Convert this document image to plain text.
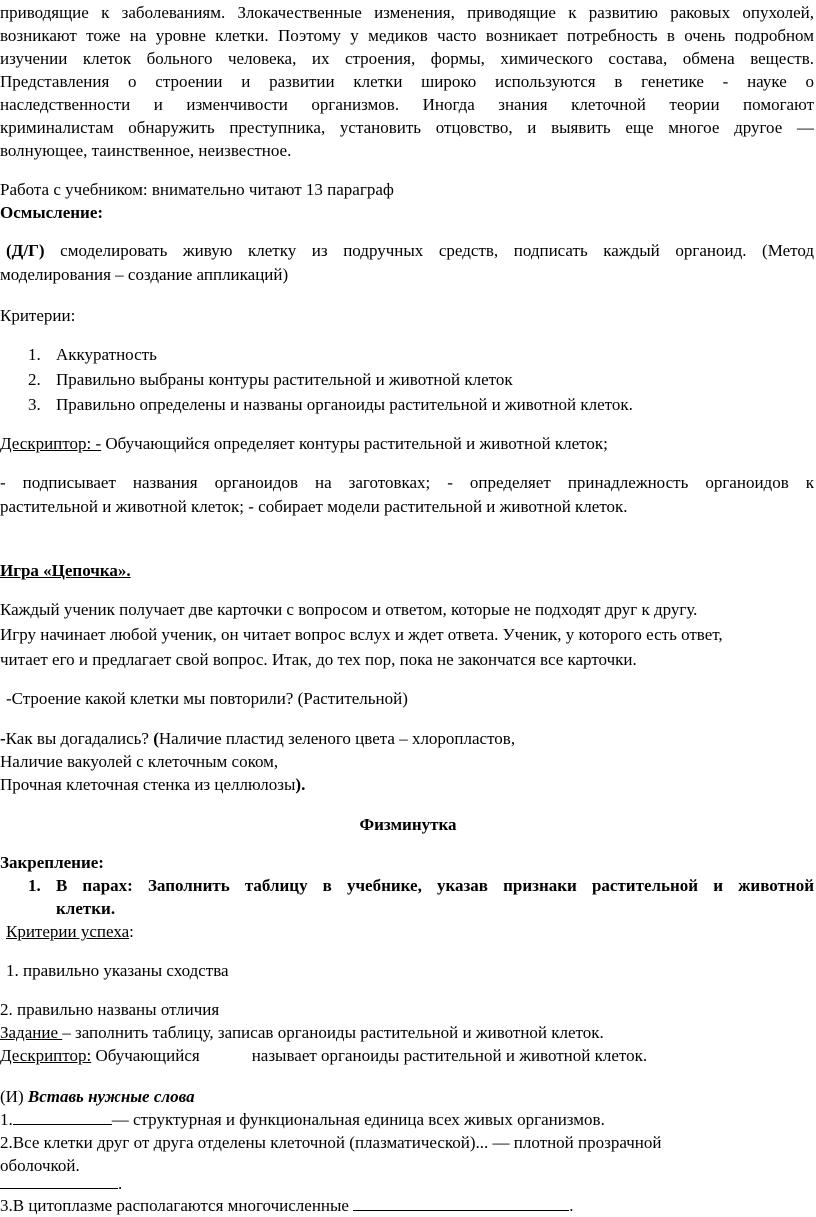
приводящие к заболеваниям. Злокачественные изменения, приводящие к развитию раковых опухолей,

возникают тоже на уровне клетки. Поэтому у медиков часто возникает потребность в очень подробном

изучении клеток больного человека, их строения, формы, химического состава, обмена веществ.

Представления о строении и развитии клетки широко используются в генетике - науке о

наследственности и изменчивости организмов. Иногда знания клеточной теории помогают

криминалистам обнаружить преступника, установить отцовство, и выявить еще многое другое —

волнующее, таинственное, неизвестное.

Работа с учебником: внимательно читают 13 параграф

Осмысление:

(Д/Г) смоделировать живую клетку из подручных средств, подписать каждый органоид. (Метод

моделирования – создание аппликаций)

Критерии:

1. Аккуратность
2. Правильно выбраны контуры растительной и животной клеток
3. Правильно определены и названы органоиды растительной и животной клеток.

Дескриптор: - Обучающийся определяет контуры растительной и животной клеток;

- подписывает названия органоидов на заготовках; - определяет принадлежность органоидов к

растительной и животной клеток; - собирает модели растительной и животной клеток.

Игра «Цепочка».

Каждый ученик получает две карточки с вопросом и ответом, которые не подходят друг к другу.

Игру начинает любой ученик, он читает вопрос вслух и ждет ответа. Ученик, у которого есть ответ,

читает его и предлагает свой вопрос. Итак, до тех пор, пока не закончатся все карточки.

-Строение какой клетки мы повторили? (Растительной)

-Как вы догадались? (Наличие пластид зеленого цвета – хлоропластов,

Наличие вакуолей с клеточным соком,

Прочная клеточная стенка из целлюлозы).

Физминутка

Закрепление:

1. В парах: Заполнить таблицу в учебнике, указав признаки растительной и животной

клетки.

Критерии успеха:

1. правильно указаны сходства

2. правильно названы отличия

Задание – заполнить таблицу, записав органоиды растительной и животной клеток.

Дескриптор: Обучающийся	называет органоиды растительной и животной клеток.

(И) Вставь нужные слова

1.	— структурная и функциональная единица всех живых организмов.

2.Все клетки друг от друга отделены клеточной (плазматической)... — плотной прозрачной

оболочкой.

.

3.В цитоплазме располагаются многочисленные	.
